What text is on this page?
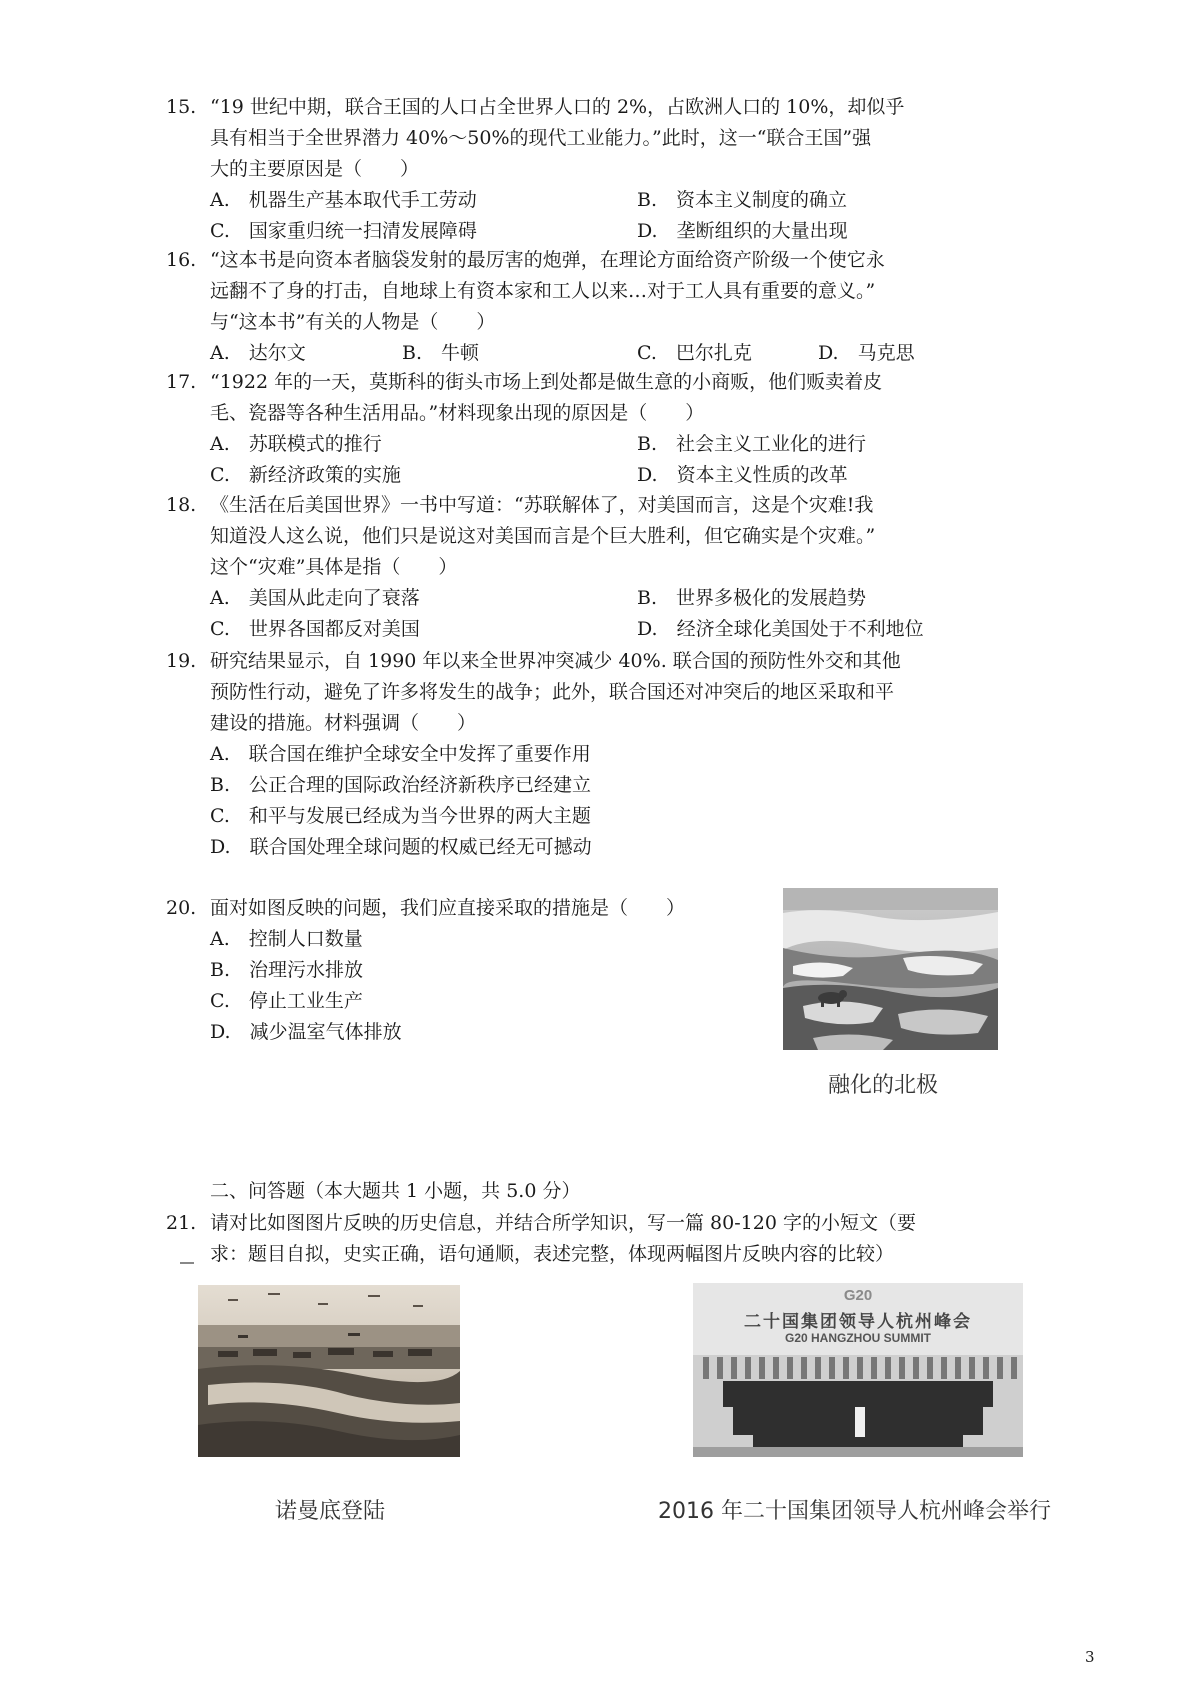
15. “19 世纪中期，联合王国的人口占全世界人口的 2%，占欧洲人口的 10%，却似乎
具有相当于全世界潜力 40%～50%的现代工业能力。”此时，这一“联合王国”强
大的主要原因是（　　）
A.　机器生产基本取代手工劳动	B.　资本主义制度的确立
C.　国家重归统一扫清发展障碍	D.　垄断组织的大量出现
16. “这本书是向资本者脑袋发射的最厉害的炮弹，在理论方面给资产阶级一个使它永
远翻不了身的打击，自地球上有资本家和工人以来…对于工人具有重要的意义。”
与“这本书”有关的人物是（　　）
A.　达尔文	B.　牛顿	C.　巴尔扎克	D.　马克思
17. “1922 年的一天，莫斯科的街头市场上到处都是做生意的小商贩，他们贩卖着皮
毛、瓷器等各种生活用品。”材料现象出现的原因是（　　）
A.　苏联模式的推行	B.　社会主义工业化的进行
C.　新经济政策的实施	D.　资本主义性质的改革
18. 《生活在后美国世界》一书中写道：“苏联解体了，对美国而言，这是个灾难!我
知道没人这么说，他们只是说这对美国而言是个巨大胜利，但它确实是个灾难。”
这个“灾难”具体是指（　　）
A.　美国从此走向了衰落	B.　世界多极化的发展趋势
C.　世界各国都反对美国	D.　经济全球化美国处于不利地位
19. 研究结果显示，自 1990 年以来全世界冲突减少 40%. 联合国的预防性外交和其他
预防性行动，避免了许多将发生的战争；此外，联合国还对冲突后的地区采取和平
建设的措施。材料强调（　　）
A.　联合国在维护全球安全中发挥了重要作用
B.　公正合理的国际政治经济新秩序已经建立
C.　和平与发展已经成为当今世界的两大主题
D.　联合国处理全球问题的权威已经无可撼动
20. 面对如图反映的问题，我们应直接采取的措施是（　　）
A.　控制人口数量
B.　治理污水排放
C.　停止工业生产
D.　减少温室气体排放
融化的北极
二、问答题（本大题共 1 小题，共 5.0 分）
21. 请对比如图图片反映的历史信息，并结合所学知识，写一篇 80-120 字的小短文（要
求：题目自拟，史实正确，语句通顺，表述完整，体现两幅图片反映内容的比较）
诺曼底登陆
G20
二十国集团领导人杭州峰会
G20 HANGZHOU SUMMIT
2016 年二十国集团领导人杭州峰会举行
3
